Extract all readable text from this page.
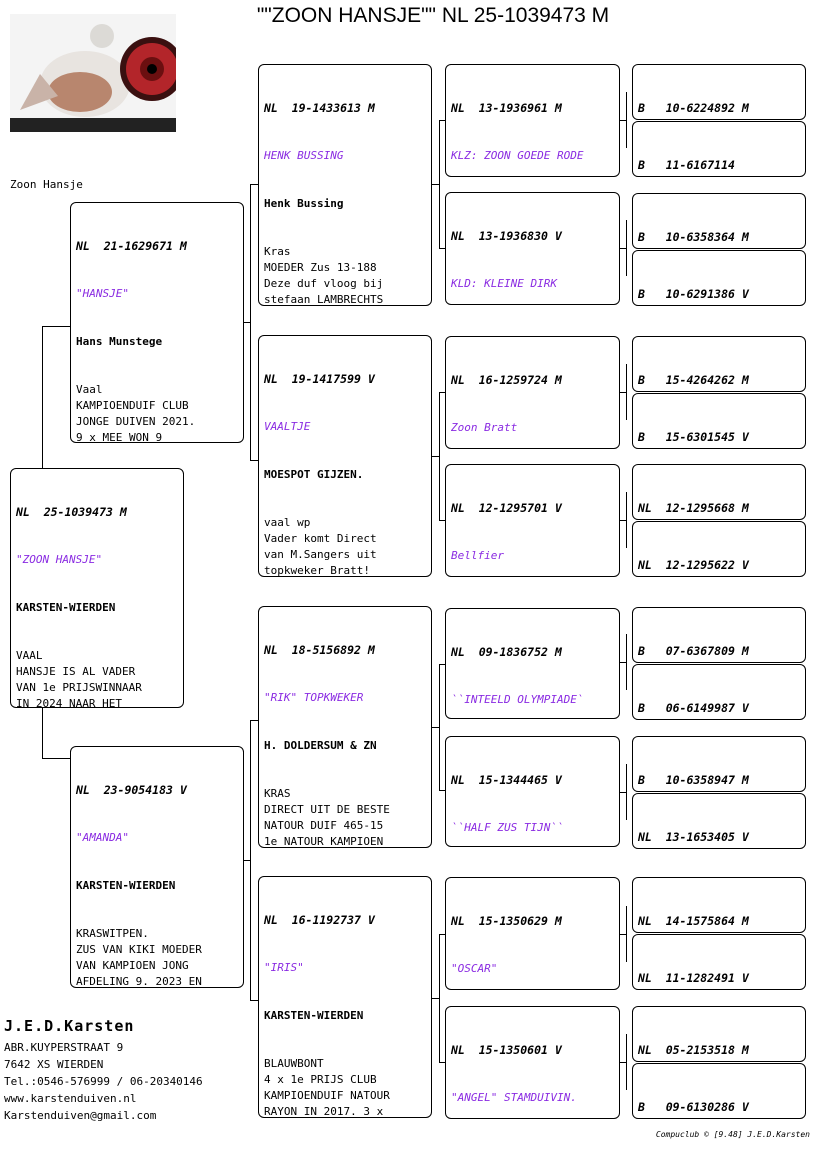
""ZOON HANSJE"" NL 25-1039473 M
Zoon Hansje

NL  25-1039473 M

"ZOON HANSJE"

KARSTEN-WIERDEN

VAAL
HANSJE IS AL VADER
VAN 1e PRIJSWINNAAR
IN 2024 NAAR HET

NL  21-1629671 M

"HANSJE"

Hans Munstege

Vaal
KAMPIOENDUIF CLUB
JONGE DUIVEN 2021.
9 x MEE WON 9

NL  23-9054183 V

"AMANDA"

KARSTEN-WIERDEN

KRASWITPEN.
ZUS VAN KIKI MOEDER
VAN KAMPIOEN JONG
AFDELING 9. 2023 EN

NL  19-1433613 M

HENK BUSSING

Henk Bussing

Kras
MOEDER Zus 13-188
Deze duf vloog bij
stefaan LAMBRECHTS

NL  19-1417599 V

VAALTJE

MOESPOT GIJZEN.

vaal wp
Vader komt Direct
van M.Sangers uit
topkweker Bratt!

NL  18-5156892 M

"RIK" TOPKWEKER

H. DOLDERSUM & ZN

KRAS
DIRECT UIT DE BESTE
NATOUR DUIF 465-15
1e NATOUR KAMPIOEN

NL  16-1192737 V

"IRIS"

KARSTEN-WIERDEN

BLAUWBONT
4 x 1e PRIJS CLUB
KAMPIOENDUIF NATOUR
RAYON IN 2017. 3 x

NL  13-1936961 M

KLZ: ZOON GOEDE RODE

NL  13-1936830 V

KLD: KLEINE DIRK

NL  16-1259724 M

Zoon Bratt

NL  12-1295701 V

Bellfier

NL  09-1836752 M

``INTEELD OLYMPIADE`

NL  15-1344465 V

``HALF ZUS TIJN``

NL  15-1350629 M

"OSCAR"

NL  15-1350601 V

"ANGEL" STAMDUIVIN.

B   10-6224892 M

B   11-6167114

B   10-6358364 M

B   10-6291386 V

B   15-4264262 M

B   15-6301545 V

NL  12-1295668 M

NL  12-1295622 V

B   07-6367809 M

B   06-6149987 V

B   10-6358947 M

NL  13-1653405 V

NL  14-1575864 M

NL  11-1282491 V

NL  05-2153518 M

B   09-6130286 V

J.E.D.Karsten
ABR.KUYPERSTRAAT 9
7642 XS WIERDEN
Tel.:0546-576999 / 06-20340146
www.karstenduiven.nl
Karstenduiven@gmail.com
Compuclub © [9.48] J.E.D.Karsten
